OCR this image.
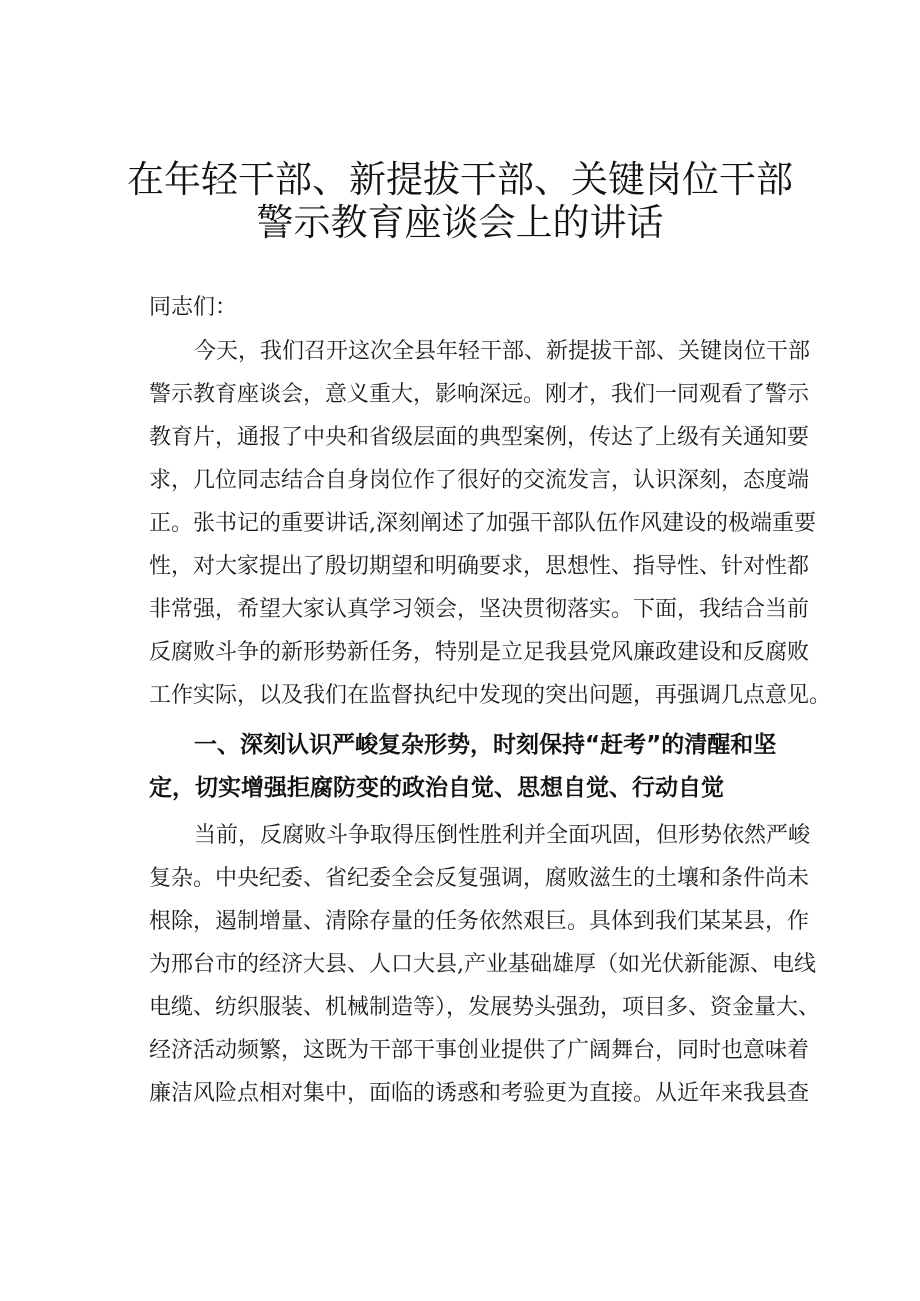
在年轻干部、新提拔干部、关键岗位干部
警示教育座谈会上的讲话
同志们：
今天，我们召开这次全县年轻干部、新提拔干部、关键岗位干部
警示教育座谈会，意义重大，影响深远。刚才，我们一同观看了警示
教育片，通报了中央和省级层面的典型案例，传达了上级有关通知要
求，几位同志结合自身岗位作了很好的交流发言，认识深刻，态度端
正。张书记的重要讲话,深刻阐述了加强干部队伍作风建设的极端重要
性，对大家提出了殷切期望和明确要求，思想性、指导性、针对性都
非常强，希望大家认真学习领会，坚决贯彻落实。下面，我结合当前
反腐败斗争的新形势新任务，特别是立足我县党风廉政建设和反腐败
工作实际，以及我们在监督执纪中发现的突出问题，再强调几点意见。
一、深刻认识严峻复杂形势，时刻保持“赶考”的清醒和坚
定，切实增强拒腐防变的政治自觉、思想自觉、行动自觉
当前，反腐败斗争取得压倒性胜利并全面巩固，但形势依然严峻
复杂。中央纪委、省纪委全会反复强调，腐败滋生的土壤和条件尚未
根除，遏制增量、清除存量的任务依然艰巨。具体到我们某某县，作
为邢台市的经济大县、人口大县,产业基础雄厚（如光伏新能源、电线
电缆、纺织服装、机械制造等），发展势头强劲，项目多、资金量大、
经济活动频繁，这既为干部干事创业提供了广阔舞台，同时也意味着
廉洁风险点相对集中，面临的诱惑和考验更为直接。从近年来我县查
